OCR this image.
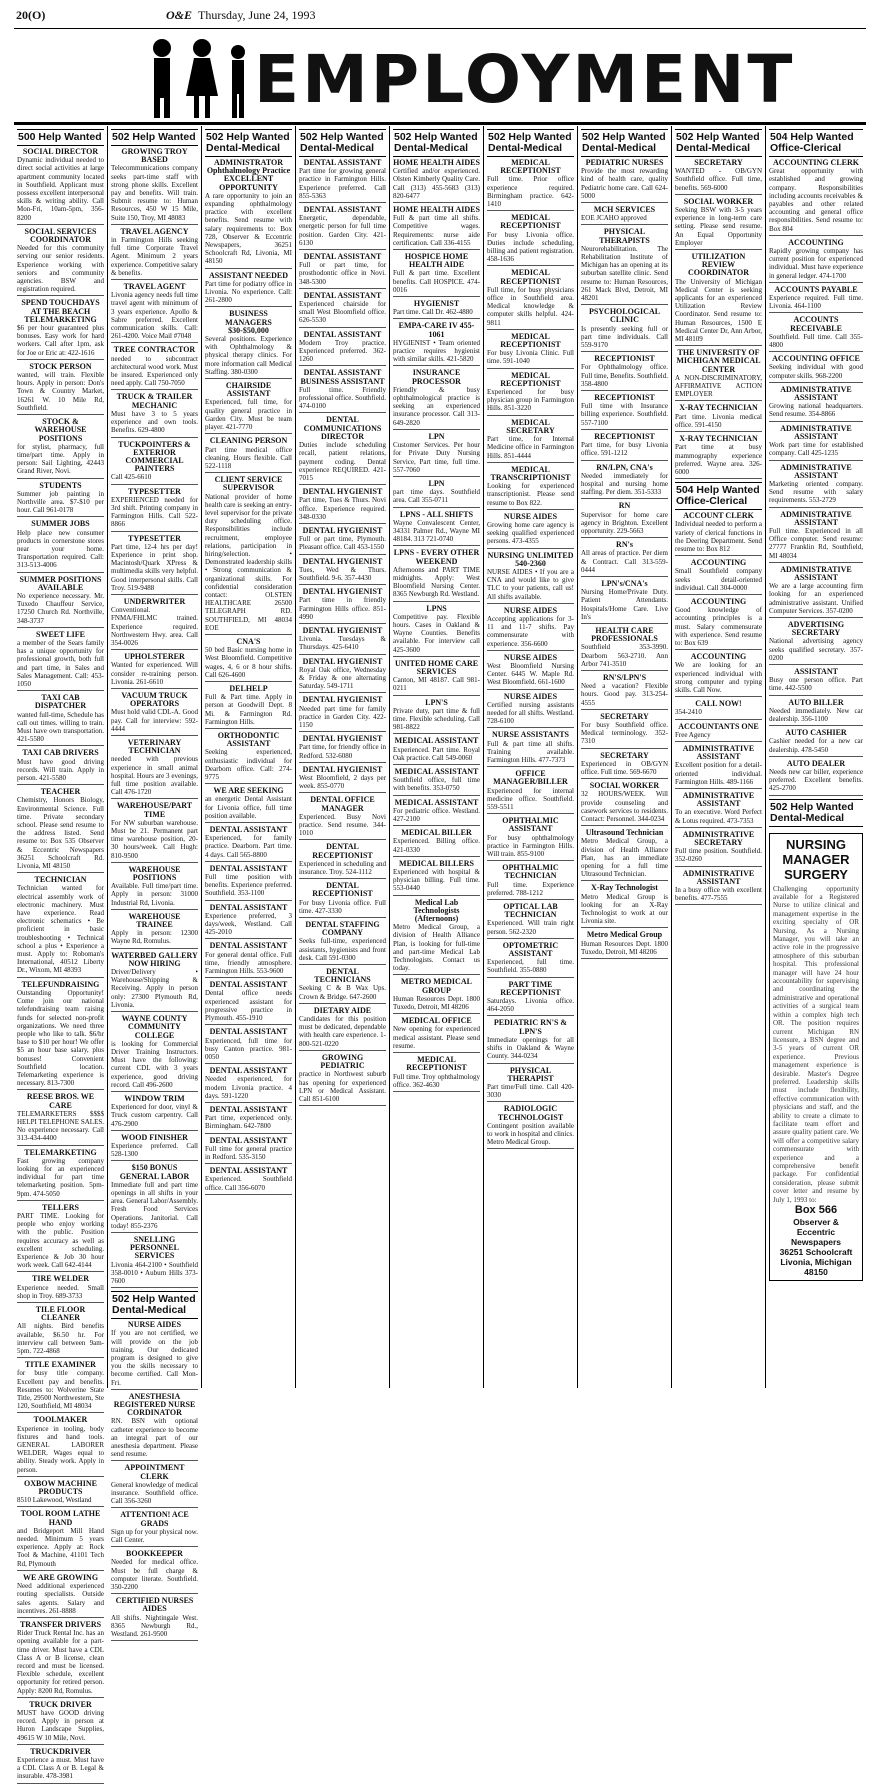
20(O)	O&E Thursday, June 24, 1993
EMPLOYMENT
500 Help Wanted
SOCIAL DIRECTOR
Dynamic individual needed to direct social activities at large apartment community located in Southfield. Applicant must possess excellent interpersonal skills & writing ability. Call Mon-Fri, 10am-5pm, 356-8200
SOCIAL SERVICES COORDINATOR
Needed for this community serving our senior residents. Experience working with seniors and community agencies. BSW and registration required.
SPEND TOUCHDAYS AT THE BEACH TELEMARKETING
$6 per hour guaranteed plus bonuses. Easy work for hard workers. Call after 1pm, ask for Joe or Eric at: 422-1616
STOCK PERSON
wanted, will train. Flexible hours. Apply in person: Don's Town & Country Market, 16261 W. 10 Mile Rd, Southfield.
STOCK & WAREHOUSE POSITIONS
for stylist, pharmacy, full time/part time. Apply in person: Sail Lighting, 42443 Grand River, Novi.
STUDENTS
Summer job painting in Northville area. $7-$10 per hour. Call 961-0178
SUMMER JOBS
Help place new consumer products in cornerstone stores near your home. Transportation required. Call: 313-513-4006
SUMMER POSITIONS AVAILABLE
No experience necessary. Mr. Tuxedo Chauffeur Service, 17250 Church Rd. Northville, 348-3737
SWEET LIFE
a member of the Sears family has a unique opportunity for professional growth, both full and part time, in Sales and Sales Management. Call: 453-1050
TAXI CAB DISPATCHER
wanted full-time, Schedule has call out times. willing to train. Must have own transportation. 421-5580
TAXI CAB DRIVERS
Must have good driving records. Will train. Apply in person. 421-5580
TEACHER
Chemistry, Honors Biology, Environmental Science. Full time. Private secondary school. Please send resume to the address listed. Send resume to: Box 535 Observer & Eccentric Newspapers 36251 Schoolcraft Rd. Livonia, MI 48150
TECHNICIAN
Technician wanted for electrical assembly work of electronic machinery. Must have experience. Read electronic schematics • Be proficient in basic troubleshooting • Technical school a plus • Experience a must. Apply to: Roboman's International, 40512 Liberty Dr., Wixom, MI 48393
TELEFUNDRAISING
Outstanding Opportunity! Come join our national telefundraising team raising funds for selected non-profit organizations. We need three people who like to talk. $6/hr base to $10 per hour! We offer $5 an hour base salary, plus bonuses! Convenient Southfield location. Telemarketing experience is necessary. 813-7300
REESE BROS. WE CARE
TELEMARKETERS $$$$ HELPI TELEPHONE SALES. No experience necessary. Call 313-434-4400
TELEMARKETING
Fast growing company looking for an experienced individual for part time telemarketing position. 5pm-9pm. 474-5050
TELLERS
PART TIME. Looking for people who enjoy working with the public. Position requires accuracy as well as excellent scheduling. Experience & Job 30 hour work week. Call 642-4144
TIRE WELDER
Experience needed. Small shop in Troy. 689-3733
TILE FLOOR CLEANER
All nights. Bird benefits available, $6.50 hr. For interview call between 9am-5pm. 722-4868
TITLE EXAMINER
for busy title company. Excellent pay and benefits. Resumes to: Wolverine State Title, 29500 Northwestern, Ste 120, Southfield, MI 48034
TOOLMAKER
Experience in tooling, body fixtures and hand tools. GENERAL LABORER WELDER. Wages equal to ability. Steady work. Apply in person.
OXBOW MACHINE PRODUCTS
8510 Lakewood, Westland
TOOL ROOM LATHE HAND
and Bridgeport Mill Hand needed. Minimum 5 years experience. Apply at: Rock Tool & Machine, 41101 Tech Rd, Plymouth
WE ARE GROWING
Need additional experienced routing specialists. Outside sales agents. Salary and incentives. 261-8888
TRANSFER DRIVERS
Rider Truck Rental Inc. has an opening available for a part-time driver. Must have a CDL Class A or B license, clean record and must be licensed. Flexible schedule, excellent opportunity for retired person. Apply: 8200 Rd, Romulus.
TRUCK DRIVER
MUST have GOOD driving record. Apply in person at Huron Landscape Supplies, 49615 W 10 Mile, Novi.
TRUCKDRIVER
Experience a must. Must have a CDL Class A or B. Legal & insurable. 478-3981
502 Help Wanted
GROWING TROY BASED
Telecommunications company seeks part-time staff with strong phone skills. Excellent pay and benefits. Will train. Submit resume to: Human Resources, 450 W 15 Mile, Suite 150, Troy, MI 48083
TRAVEL AGENCY
in Farmington Hills seeking full time Corporate Travel Agent. Minimum 2 years experience. Competitive salary & benefits.
TRAVEL AGENT
Livonia agency needs full time travel agent with minimum of 3 years experience. Apollo & Sabre preferred. Excellent communication skills. Call: 261-4200. Voice Mail #7048
TREE CONTRACTOR
needed to subcontract architectural wood work. Must be insured. Experienced only need apply. Call 750-7050
TRUCK & TRAILER MECHANIC
Must have 3 to 5 years experience and own tools. Benefits. 629-4800
TUCKPOINTERS & EXTERIOR COMMERCIAL PAINTERS
Call 425-6610
TYPESETTER
EXPERIENCED needed for 3rd shift. Printing company in Farmington Hills. Call 522-8866
TYPESETTER
Part time, 12-4 hrs per day! Experience in print shop. Macintosh/Quark XPress & multimedia skills very helpful. Good interpersonal skills. Call Troy. 519-9488
UNDERWRITER
Conventional. FNMA/FHLMC trained. Experience required. Northwestern Hwy. area. Call 354-0026
UPHOLSTERER
Wanted for experienced. Will consider re-training person. Livonia. 261-6610
VACUUM TRUCK OPERATORS
Must hold valid CDL-A. Good pay. Call for interview: 592-4444
VETERINARY TECHNICIAN
needed with previous experience in small animal hospital. Hours are 3 evenings, full time position available. Call 476-1720
WAREHOUSE/PART TIME
For NW suburban warehouse. Must be 21. Permanent part time warehouse position, 20-30 hours/week. Call Hugh: 810-9500
WAREHOUSE POSITIONS
Available. Full time/part time. Apply in person: 31000 Industrial Rd, Livonia.
WAREHOUSE TRAINEE
Apply in person: 12300 Wayne Rd, Romulus.
WATERBED GALLERY NOW HIRING
Driver/Delivery • Warehouse/Shipping & Receiving. Apply in person only: 27300 Plymouth Rd, Livonia.
WAYNE COUNTY COMMUNITY COLLEGE
is looking for Commercial Driver Training Instructors. Must have the following: current CDL with 3 years experience, good driving record. Call 496-2600
WINDOW TRIM
Experienced for door, vinyl & Truck custom carpentry. Call 476-2900
WOOD FINISHER
Experience preferred. Call 528-1300
$150 BONUS GENERAL LABOR
Immediate full and part time openings in all shifts in your area. General Labor/Assembly. Fresh Food Services Operations. Janitorial. Call today! 855-2376
SNELLING PERSONNEL SERVICES
Livonia 464-2100 • Southfield 358-0010 • Auburn Hills 373-7600
502 Help Wanted Dental-Medical
NURSE AIDES
If you are not certified, we will provide on the job training. Our dedicated program is designed to give you the skills necessary to become certified. Call Mon-Fri.
ANESTHESIA REGISTERED NURSE CORDINATOR
RN. BSN with optional catheter experience to become an integral part of our anesthesia department. Please send resume.
APPOINTMENT CLERK
General knowledge of medical insurance. Southfield office. Call 356-3260
ATTENTION! ACE GRADS
Sign up for your physical now. Call Center.
BOOKKEEPER
Needed for medical office. Must be full charge & computer literate. Southfield. 350-2200
CERTIFIED NURSES AIDES
All shifts. Nightingale West. 8365 Newburgh Rd., Westland. 261-9500
502 Help Wanted Dental-Medical
ADMINISTRATOR Ophthalmology Practice EXCELLENT OPPORTUNITY
A rare opportunity to join an expanding ophthalmology practice with excellent benefits. Send resume with salary requirements to: Box 728, Observer & Eccentric Newspapers, 36251 Schoolcraft Rd, Livonia, MI 48150
ASSISTANT NEEDED
Part time for podiatry office in Livonia. No experience. Call: 261-2800
BUSINESS MANAGERS $30-$50,000
Several positions. Experience with Ophthalmology & physical therapy clinics. For more information call Medical Staffing. 380-0300
CHAIRSIDE ASSISTANT
Experienced, full time, for quality general practice in Garden City. Must be team player. 421-7770
CLEANING PERSON
Part time medical office cleaning. Hours flexible. Call 522-1118
CLIENT SERVICE SUPERVISOR
National provider of home health care is seeking an entry-level supervisor for the private duty scheduling office. Responsibilities include recruitment, employee relations, participation in hiring/selection. • Demonstrated leadership skills • Strong communication & organizational skills. For confidential consideration contact: OLSTEN HEALTHCARE 26500 TELEGRAPH RD. SOUTHFIELD, MI 48034 EOE
CNA'S
50 bed Basic nursing home in West Bloomfield. Competitive wages, 4, 6 or 8 hour shifts. Call 626-4600
DELHELP
Full & Part time. Apply in person at Goodwill Dept. 8 Mi. & Farmington Rd. Farmington Hills.
ORTHODONTIC ASSISTANT
Seeking experienced, enthusiastic individual for Dearborn office. Call: 274-9775
WE ARE SEEKING
an energetic Dental Assistant for Livonia office, full time position available.
DENTAL ASSISTANT
Experienced, for family practice. Dearborn. Part time. 4 days. Call 565-8800
DENTAL ASSISTANT
Full time position with benefits. Experience preferred. Southfield. 353-1100
DENTAL ASSISTANT
Experience preferred, 3 days/week, Westland. Call 425-2010
DENTAL ASSISTANT
For general dental office. Full time, friendly atmosphere. Farmington Hills. 553-9600
DENTAL ASSISTANT
Dental office needs experienced assistant for progressive practice in Plymouth. 455-1910
DENTAL ASSISTANT
Experienced, full time for busy Canton practice. 981-0050
DENTAL ASSISTANT
Needed experienced, for modern Livonia practice. 4 days. 591-1220
DENTAL ASSISTANT
Part time, experienced only. Birmingham. 642-7800
DENTAL ASSISTANT
Full time for general practice in Redford. 535-3150
DENTAL ASSISTANT
Experienced. Southfield office. Call 356-6070
502 Help Wanted Dental-Medical
DENTAL ASSISTANT
Part time for growing general practice in Farmington Hills. Experience preferred. Call 855-5363
DENTAL ASSISTANT
Energetic, dependable, energetic person for full time position. Garden City. 421-6130
DENTAL ASSISTANT
Full or part time, for prosthodontic office in Novi. 348-5300
DENTAL ASSISTANT
Experienced chairside for small West Bloomfield office. 626-5530
DENTAL ASSISTANT
Modern Troy practice. Experienced preferred. 362-1260
DENTAL ASSISTANT BUSINESS ASSISTANT
Full time. Friendly professional office. Southfield. 474-0100
DENTAL COMMUNICATIONS DIRECTOR
Duties include scheduling recall, patient relations, payment coding. Dental experience REQUIRED. 421-7015
DENTAL HYGIENIST
Part time, Tues & Thurs. Novi office. Experience required. 348-0330
DENTAL HYGIENIST
Full or part time, Plymouth. Pleasant office. Call 453-1550
DENTAL HYGIENIST
Tues, Wed & Thurs. Southfield. 9-6. 357-4430
DENTAL HYGIENIST
Part time in friendly Farmington Hills office. 851-4990
DENTAL HYGIENIST
Livonia. Tuesdays & Thursdays. 425-6410
DENTAL HYGIENIST
Royal Oak office, Wednesday & Friday & one alternating Saturday. 549-1711
DENTAL HYGIENIST
Needed part time for family practice in Garden City. 422-1150
DENTAL HYGIENIST
Part time, for friendly office in Redford. 532-6080
DENTAL HYGIENIST
West Bloomfield, 2 days per week. 855-0770
DENTAL OFFICE MANAGER
Experienced. Busy Novi practice. Send resume. 344-1010
DENTAL RECEPTIONIST
Experienced in scheduling and insurance. Troy. 524-1112
DENTAL RECEPTIONIST
For busy Livonia office. Full time. 427-3330
DENTAL STAFFING COMPANY
Seeks full-time, experienced assistants, hygienists and front desk. Call 591-0300
DENTAL TECHNICIANS
Seeking C & B Wax Ups. Crown & Bridge. 647-2600
DIETARY AIDE
Candidates for this position must be dedicated, dependable with health care experience. 1-800-521-0220
GROWING PEDIATRIC
practice in Northwest suburb has opening for experienced LPN or Medical Assistant. Call 851-6100
502 Help Wanted Dental-Medical
HOME HEALTH AIDES
Certified and/or experienced. Olsten Kimberly Quality Care. Call (313) 455-5683 (313) 820-6477
HOME HEALTH AIDES
Full & part time all shifts. Competitive wages. Requirements: nurse aide certification. Call 336-4155
HOSPICE HOME HEALTH AIDE
Full & part time. Excellent benefits. Call HOSPICE. 474-0016
HYGIENIST
Part time. Call Dr. 462-4880
EMPA-CARE IV 455-1061
HYGIENIST • Team oriented practice requires hygienist with similar skills. 421-5820
INSURANCE PROCESSOR
Friendly & busy ophthalmological practice is seeking an experienced insurance processor. Call 313-649-2820
LPN
Customer Services. Per hour for Private Duty Nursing Service, Part time, full time. 557-7060
LPN
part time days. Southfield area. Call 355-0711
LPNS - ALL SHIFTS
Wayne Convalescent Center, 34331 Palmer Rd., Wayne MI 48184. 313 721-0740
LPNS - EVERY OTHER WEEKEND
Afternoons and PART TIME midnights. Apply: West Bloomfield Nursing Center. 8365 Newburgh Rd. Westland.
LPNS
Competitive pay. Flexible hours. Cases in Oakland & Wayne Counties. Benefits available. For interview call 425-3600
UNITED HOME CARE SERVICES
Canton, MI 48187. Call 981-0211
LPN'S
Private duty, part time & full time. Flexible scheduling. Call 981-8822
MEDICAL ASSISTANT
Experienced. Part time. Royal Oak practice. Call 549-0060
MEDICAL ASSISTANT
Southfield office, full time with benefits. 353-0750
MEDICAL ASSISTANT
For pediatric office. Westland. 427-2100
MEDICAL BILLER
Experienced. Billing office. 421-0330
MEDICAL BILLERS
Experienced with hospital & physician billing. Full time. 553-0440
Medical Lab Technologists (Afternoons)
Metro Medical Group, a division of Health Alliance Plan, is looking for full-time and part-time Medical Lab Technologists. Contact us today.
METRO MEDICAL GROUP
Human Resources Dept. 1800 Tuxedo, Detroit, MI 48206
MEDICAL OFFICE
New opening for experienced medical assistant. Please send resume.
MEDICAL RECEPTIONIST
Full time. Troy ophthalmology office. 362-4630
502 Help Wanted Dental-Medical
MEDICAL RECEPTIONIST
Full time. Prior office experience required. Birmingham practice. 642-1410
MEDICAL RECEPTIONIST
For busy Livonia office. Duties include scheduling, billing and patient registration. 458-1636
MEDICAL RECEPTIONIST
Full time, for busy physicians office in Southfield area. Medical knowledge & computer skills helpful. 424-9811
MEDICAL RECEPTIONIST
For busy Livonia Clinic. Full time. 591-1040
MEDICAL RECEPTIONIST
Experienced for busy physician group in Farmington Hills. 851-3220
MEDICAL SECRETARY
Part time, for Internal Medicine office in Farmington Hills. 851-4444
MEDICAL TRANSCRIPTIONIST
Looking for experienced transcriptionist. Please send resume to Box 822.
NURSE AIDES
Growing home care agency is seeking qualified experienced persons. 473-4355
NURSING UNLIMITED 540-2360
NURSE AIDES • If you are a CNA and would like to give TLC to your patients, call us! All shifts available.
NURSE AIDES
Accepting applications for 3-11 and 11-7 shifts. Pay commensurate with experience. 356-6600
NURSE AIDES
West Bloomfield Nursing Center. 6445 W. Maple Rd. West Bloomfield. 661-1600
NURSE AIDES
Certified nursing assistants needed for all shifts. Westland. 728-6100
NURSE ASSISTANTS
Full & part time all shifts. Training available. Farmington Hills. 477-7373
OFFICE MANAGER/BILLER
Experienced for internal medicine office. Southfield. 559-5511
OPHTHALMIC ASSISTANT
For busy ophthalmology practice in Farmington Hills. Will train. 855-9100
OPHTHALMIC TECHNICIAN
Full time. Experience preferred. 788-1212
OPTICAL LAB TECHNICIAN
Experienced. Will train right person. 562-2320
OPTOMETRIC ASSISTANT
Experienced, full time. Southfield. 355-0880
PART TIME RECEPTIONIST
Saturdays. Livonia office. 464-2050
PEDIATRIC RN'S & LPN'S
Immediate openings for all shifts in Oakland & Wayne County. 344-0234
PHYSICAL THERAPIST
Part time/Full time. Call 420-3030
RADIOLOGIC TECHNOLOGIST
Contingent position available to work in hospital and clinics. Metro Medical Group.
502 Help Wanted Dental-Medical
PEDIATRIC NURSES
Provide the most rewarding kind of health care, quality Pediatric home care. Call 624-5000
MCH SERVICES
EOE JCAHO approved
PHYSICAL THERAPISTS
Neurorehabilitation. The Rehabilitation Institute of Michigan has an opening at its suburban satellite clinic. Send resume to: Human Resources, 261 Mack Blvd, Detroit, MI 48201
PSYCHOLOGICAL CLINIC
Is presently seeking full or part time individuals. Call 559-9170
RECEPTIONIST
For Ophthalmology office. Full time, Benefits. Southfield. 358-4800
RECEPTIONIST
Full time with Insurance billing experience. Southfield. 557-7100
RECEPTIONIST
Part time, for busy Livonia office. 591-1212
RN/LPN, CNA's
Needed immediately for hospital and nursing home staffing. Per diem. 351-5333
RN
Supervisor for home care agency in Brighton. Excellent opportunity. 229-5663
RN's
All areas of practice. Per diem & Contract. Call 313-559-0444
LPN's/CNA's
Nursing Home/Private Duty. Patient Attendants. Hospitals/Home Care. Live In's
HEALTH CARE PROFESSIONALS
Southfield 353-3990. Dearborn 563-2710. Ann Arbor 741-3510
RN'S/LPN'S
Need a vacation? Flexible hours. Good pay. 313-254-4555
SECRETARY
For busy Southfield office. Medical terminology. 352-7310
SECRETARY
Experienced in OB/GYN office. Full time. 569-6670
SOCIAL WORKER
32 HOURS/WEEK. Will provide counseling and casework services to residents. Contact: Personnel. 344-0234
Ultrasound Technician
Metro Medical Group, a division of Health Alliance Plan, has an immediate opening for a full time Ultrasound Technician.
X-Ray Technologist
Metro Medical Group is looking for an X-Ray Technologist to work at our Livonia site.
Metro Medical Group
Human Resources Dept. 1800 Tuxedo, Detroit, MI 48206
502 Help Wanted Dental-Medical
SECRETARY
WANTED - OB/GYN Southfield office. Full time, benefits. 569-6000
SOCIAL WORKER
Seeking BSW with 3-5 years experience in long-term care setting. Please send resume. An Equal Opportunity Employer
UTILIZATION REVIEW COORDINATOR
The University of Michigan Medical Center is seeking applicants for an experienced Utilization Review Coordinator. Send resume to: Human Resources, 1500 E Medical Center Dr, Ann Arbor, MI 48109
THE UNIVERSITY OF MICHIGAN MEDICAL CENTER
A NON-DISCRIMINATORY, AFFIRMATIVE ACTION EMPLOYER
X-RAY TECHNICIAN
Part time. Livonia medical office. 591-4150
X-RAY TECHNICIAN
Part time at busy mammography experience preferred. Wayne area. 326-6000
504 Help Wanted Office-Clerical
ACCOUNT CLERK
Individual needed to perform a variety of clerical functions in the Deering Department. Send resume to: Box 812
ACCOUNTING
Small Southfield company seeks detail-oriented individual. Call 304-0000
ACCOUNTING
Good knowledge of accounting principles is a must. Salary commensurate with experience. Send resume to: Box 639
ACCOUNTING
We are looking for an experienced individual with strong computer and typing skills. Call Now.
CALL NOW!
354-2410
ACCOUNTANTS ONE
Free Agency
ADMINISTRATIVE ASSISTANT
Excellent position for a detail-oriented individual. Farmington Hills. 489-1166
ADMINISTRATIVE ASSISTANT
To an executive. Word Perfect & Lotus required. 473-7353
ADMINISTRATIVE SECRETARY
Full time position. Southfield. 352-0260
ADMINISTRATIVE ASSISTANT
In a busy office with excellent benefits. 477-7555
504 Help Wanted Office-Clerical
ACCOUNTING CLERK
Great opportunity with established and growing company. Responsibilities including accounts receivables & payables and other related accounting and general office responsibilities. Send resume to: Box 804
ACCOUNTING
Rapidly growing company has current position for experienced individual. Must have experience in general ledger. 474-1700
ACCOUNTS PAYABLE
Experience required. Full time. Livonia. 464-1100
ACCOUNTS RECEIVABLE
Southfield. Full time. Call 355-4800
ACCOUNTING OFFICE
Seeking individual with good computer skills. 968-2200
ADMINISTRATIVE ASSISTANT
Growing national headquarters. Send resume. 354-8866
ADMINISTRATIVE ASSISTANT
Work part time for established company. Call 425-1235
ADMINISTRATIVE ASSISTANT
Marketing oriented company. Send resume with salary requirements. 553-2729
ADMINISTRATIVE ASSISTANT
Full time. Experienced in all Office computer. Send resume: 27777 Franklin Rd, Southfield, MI 48034
ADMINISTRATIVE ASSISTANT
We are a large accounting firm looking for an experienced administrative assistant. Unified Computer Services. 357-0200
ADVERTISING SECRETARY
National advertising agency seeks qualified secretary. 357-0200
ASSISTANT
Busy one person office. Part time. 442-5500
AUTO BILLER
Needed immediately. New car dealership. 356-1100
AUTO CASHIER
Cashier needed for a new car dealership. 478-5450
AUTO DEALER
Needs new car biller, experience preferred. Excellent benefits. 425-2700
502 Help Wanted Dental-Medical
NURSING MANAGER SURGERY
Challenging opportunity available for a Registered Nurse to utilize clinical and management expertise in the exciting specialty of OR Nursing. As a Nursing Manager, you will take an active role in the progressive atmosphere of this suburban hospital. This professional manager will have 24 hour accountability for supervising and coordinating the administrative and operational activities of a surgical team within a complex high tech OR. The position requires current Michigan RN licensure, a BSN degree and 3-5 years of current OR experience. Previous management experience is desirable. Master's Degree preferred. Leadership skills must include flexibility, effective communication with physicians and staff, and the ability to create a climate to facilitate team effort and assure quality patient care. We will offer a competitive salary commensurate with experience and a comprehensive benefit package. For confidential consideration, please submit cover letter and resume by July 1, 1993 to:
Box 566
Observer & Eccentric Newspapers
36251 Schoolcraft
Livonia, Michigan 48150
